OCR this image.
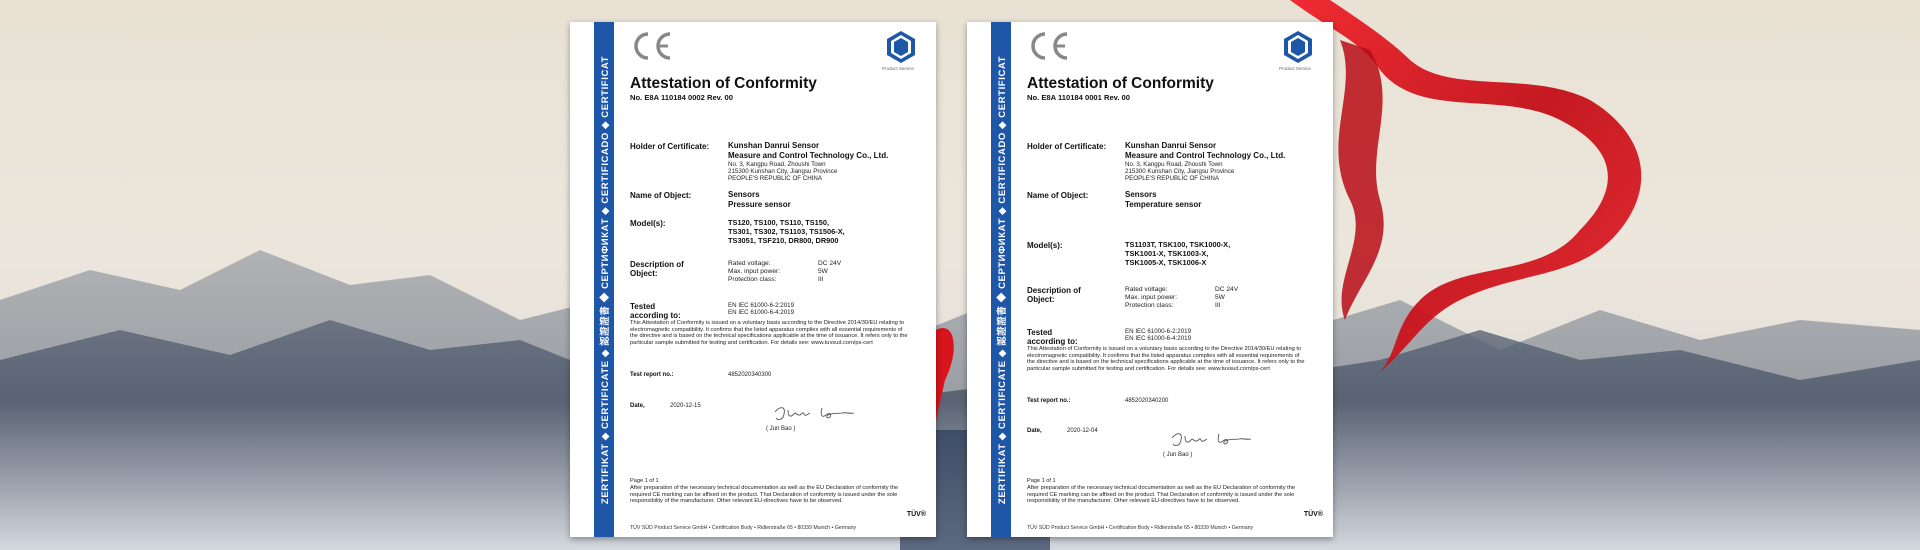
ZERTIFIKAT ◆ CERTIFICATE ◆ 認證證書 ◆ СЕРТИФИКАТ ◆ CERTIFICADO ◆ CERTIFICAT	Product Service
Attestation of Conformity
No. E8A 110184 0002 Rev. 00
Holder of Certificate: Kunshan Danrui Sensor
Measure and Control Technology Co., Ltd.
No. 3, Kangpu Road, Zhoushi Town
215300 Kunshan City, Jiangsu Province
PEOPLE'S REPUBLIC OF CHINA
Name of Object:	Sensors
Pressure sensor
Model(s):	TS120, TS100, TS110, TS150,
TS301, TS302, TS1103, TS1506-X,
TS3051, TSF210, DR800, DR900
Description of
Object:
Rated voltage:	DC 24V
Max. input power:	5W
Protection class:	III
Tested
according to:
EN IEC 61000-6-2:2019
EN IEC 61000-6-4:2019
This Attestation of Conformity is issued on a voluntary basis according to the Directive 2014/30/EU relating to electromagnetic compatibility. It confirms that the listed apparatus complies with all essential requirements of the directive and is based on the technical specifications applicable at the time of issuance. It refers only to the particular sample submitted for testing and certification. For details see: www.tuvsud.com/ps-cert
Test report no.:	4852020340300
Date,	2020-12-15
( Jun Bao )
Page 1 of 1
After preparation of the necessary technical documentation as well as the EU Declaration of conformity the required CE marking can be affixed on the product. That Declaration of conformity is issued under the sole responsibility of the manufacturer. Other relevant EU-directives have to be observed.
TÜV SÜD Product Service GmbH • Certification Body • Ridlerstraße 65 • 80339 Munich • Germany
TÜV®
ZERTIFIKAT ◆ CERTIFICATE ◆ 認證證書 ◆ СЕРТИФИКАТ ◆ CERTIFICADO ◆ CERTIFICAT	Product Service
Attestation of Conformity
No. E8A 110184 0001 Rev. 00
Holder of Certificate: Kunshan Danrui Sensor
Measure and Control Technology Co., Ltd.
No. 3, Kangpu Road, Zhoushi Town
215300 Kunshan City, Jiangsu Province
PEOPLE'S REPUBLIC OF CHINA
Name of Object:	Sensors
Temperature sensor
Model(s):	TS1103T, TSK100, TSK1000-X,
TSK1001-X, TSK1003-X,
TSK1005-X, TSK1006-X
Description of
Object:
Rated voltage:	DC 24V
Max. input power:	5W
Protection class:	III
Tested
according to:
EN IEC 61000-6-2:2019
EN IEC 61000-6-4:2019
This Attestation of Conformity is issued on a voluntary basis according to the Directive 2014/30/EU relating to electromagnetic compatibility. It confirms that the listed apparatus complies with all essential requirements of the directive and is based on the technical specifications applicable at the time of issuance. It refers only to the particular sample submitted for testing and certification. For details see: www.tuvsud.com/ps-cert
Test report no.:	4852020340200
Date,	2020-12-04
( Jun Bao )
Page 1 of 1
After preparation of the necessary technical documentation as well as the EU Declaration of conformity the required CE marking can be affixed on the product. That Declaration of conformity is issued under the sole responsibility of the manufacturer. Other relevant EU-directives have to be observed.
TÜV SÜD Product Service GmbH • Certification Body • Ridlerstraße 65 • 80339 Munich • Germany
TÜV®
